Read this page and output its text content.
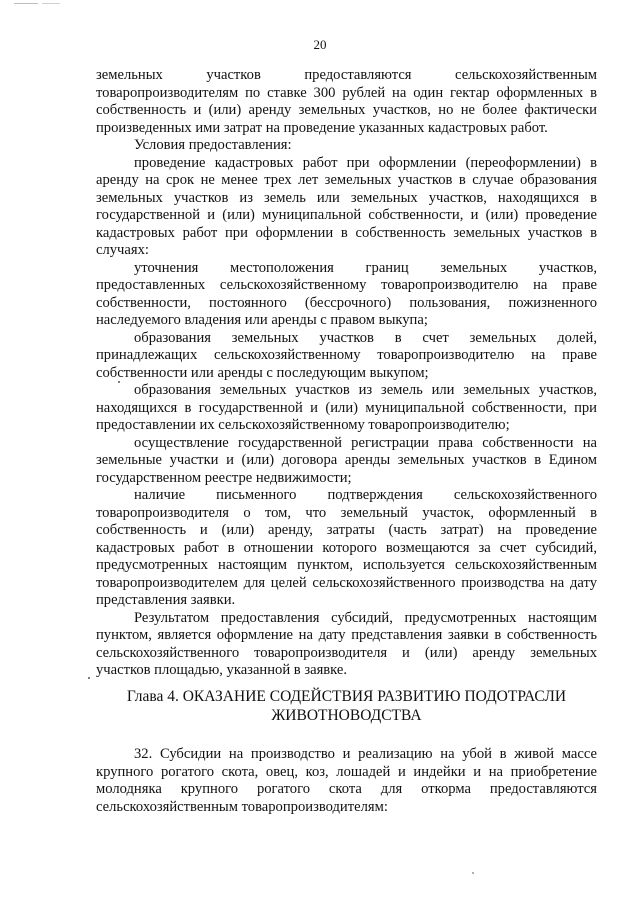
20

земельных участков предоставляются сельскохозяйственным товаропроизводителям по ставке 300 рублей на один гектар оформленных в собственность и (или) аренду земельных участков, но не более фактически произведенных ими затрат на проведение указанных кадастровых работ.

Условия предоставления:

проведение кадастровых работ при оформлении (переоформлении) в аренду на срок не менее трех лет земельных участков в случае образования земельных участков из земель или земельных участков, находящихся в государственной и (или) муниципальной собственности, и (или) проведение кадастровых работ при оформлении в собственность земельных участков в случаях:

уточнения местоположения границ земельных участков, предоставленных сельскохозяйственному товаропроизводителю на праве собственности, постоянного (бессрочного) пользования, пожизненного наследуемого владения или аренды с правом выкупа;

образования земельных участков в счет земельных долей, принадлежащих сельскохозяйственному товаропроизводителю на праве собственности или аренды с последующим выкупом;

образования земельных участков из земель или земельных участков, находящихся в государственной и (или) муниципальной собственности, при предоставлении их сельскохозяйственному товаропроизводителю;

осуществление государственной регистрации права собственности на земельные участки и (или) договора аренды земельных участков в Едином государственном реестре недвижимости;

наличие письменного подтверждения сельскохозяйственного товаропроизводителя о том, что земельный участок, оформленный в собственность и (или) аренду, затраты (часть затрат) на проведение кадастровых работ в отношении которого возмещаются за счет субсидий, предусмотренных настоящим пунктом, используется сельскохозяйственным товаропроизводителем для целей сельскохозяйственного производства на дату представления заявки.

Результатом предоставления субсидий, предусмотренных настоящим пунктом, является оформление на дату представления заявки в собственность сельскохозяйственного товаропроизводителя и (или) аренду земельных участков площадью, указанной в заявке.

Глава 4. ОКАЗАНИЕ СОДЕЙСТВИЯ РАЗВИТИЮ ПОДОТРАСЛИ
ЖИВОТНОВОДСТВА

32. Субсидии на производство и реализацию на убой в живой массе крупного рогатого скота, овец, коз, лошадей и индейки и на приобретение молодняка крупного рогатого скота для откорма предоставляются сельскохозяйственным товаропроизводителям:
